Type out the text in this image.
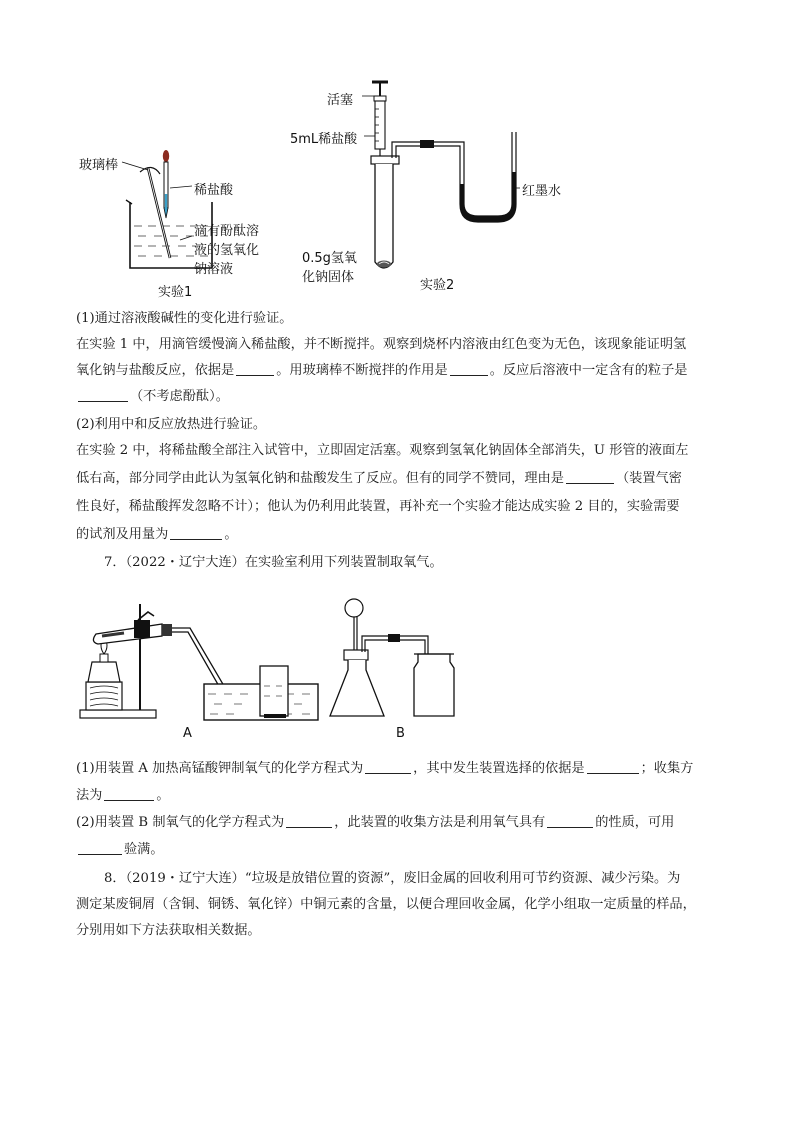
玻璃棒
稀盐酸
滴有酚酞溶
液的氢氧化
钠溶液
实验1
活塞
5mL稀盐酸
红墨水
0.5g氢氧
化钠固体
实验2
(1)通过溶液酸碱性的变化进行验证。
在实验 1 中，用滴管缓慢滴入稀盐酸，并不断搅拌。观察到烧杯内溶液由红色变为无色，该现象能证明氢
氧化钠与盐酸反应，依据是	。用玻璃棒不断搅拌的作用是	。反应后溶液中一定含有的粒子是
（不考虑酚酞）。
(2)利用中和反应放热进行验证。
在实验 2 中，将稀盐酸全部注入试管中，立即固定活塞。观察到氢氧化钠固体全部消失，U 形管的液面左
低右高，部分同学由此认为氢氧化钠和盐酸发生了反应。但有的同学不赞同，理由是	（装置气密
性良好，稀盐酸挥发忽略不计）；他认为仍利用此装置，再补充一个实验才能达成实验 2 目的，实验需要
的试剂及用量为	。
7．（2022・辽宁大连）在实验室利用下列装置制取氧气。
A	B
(1)用装置 A 加热高锰酸钾制氧气的化学方程式为	，其中发生装置选择的依据是	；收集方
法为	。
(2)用装置 B 制氧气的化学方程式为	，此装置的收集方法是利用氧气具有	的性质，可用
验满。
8．（2019・辽宁大连）“垃圾是放错位置的资源”，废旧金属的回收利用可节约资源、减少污染。为
测定某废铜屑（含铜、铜锈、氧化锌）中铜元素的含量，以便合理回收金属，化学小组取一定质量的样品，
分别用如下方法获取相关数据。
